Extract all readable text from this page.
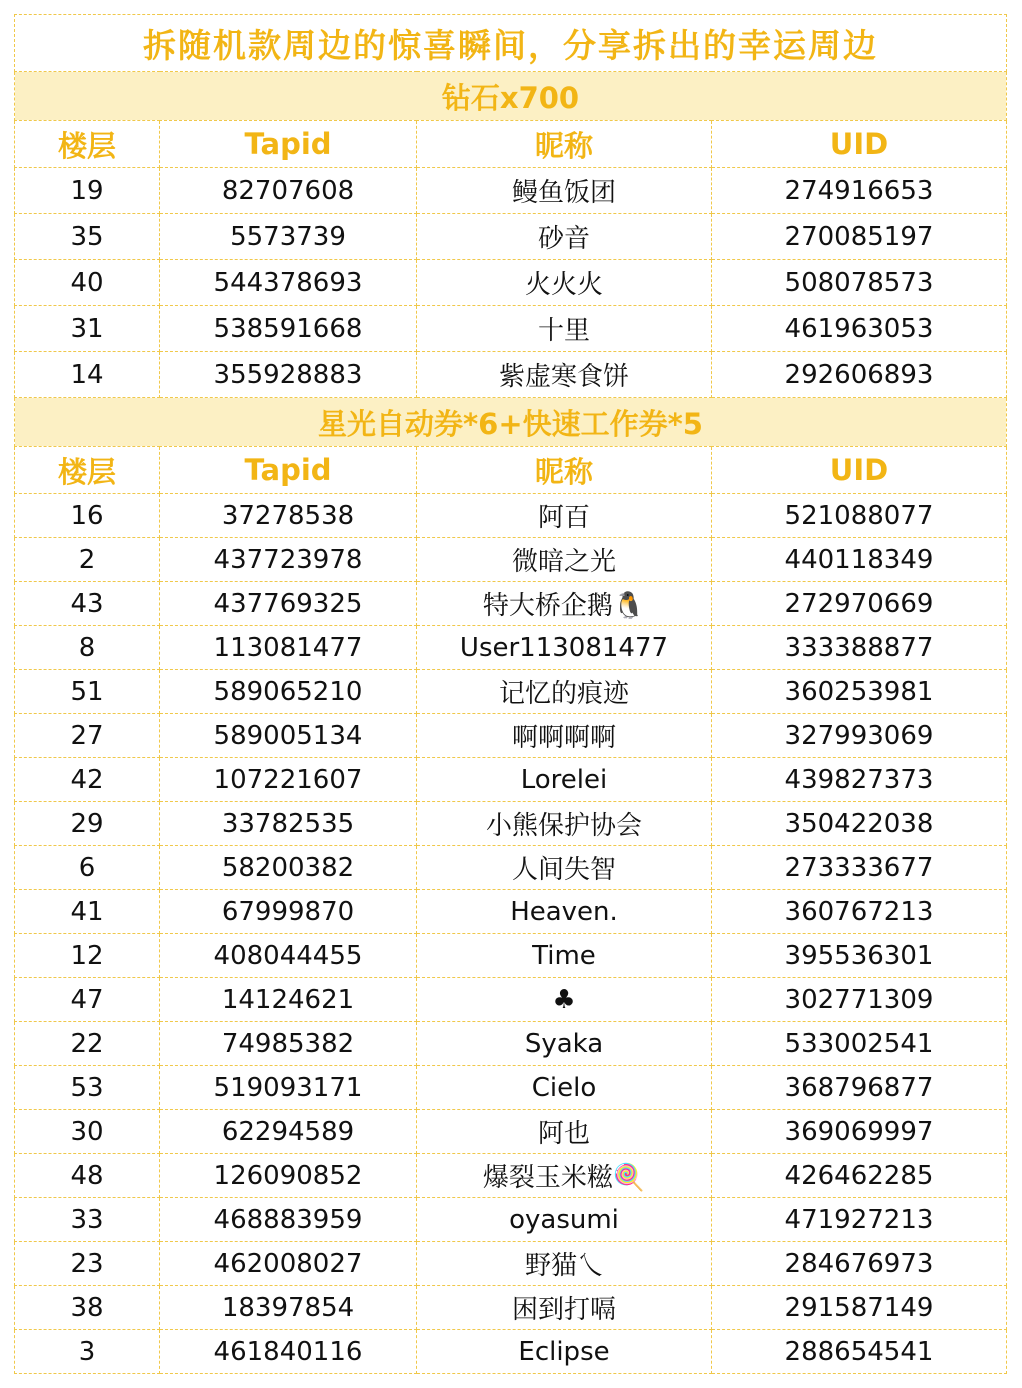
拆随机款周边的惊喜瞬间，分享拆出的幸运周边			
钻石x700			
楼层	Tapid	昵称	UID
19	82707608	鳗鱼饭团	274916653
35	5573739	砂音	270085197
40	544378693	火火火	508078573
31	538591668	十里	461963053
14	355928883	紫虚寒食饼	292606893
星光自动券*6+快速工作券*5			
楼层	Tapid	昵称	UID
16	37278538	阿百	521088077
2	437723978	微暗之光	440118349
43	437769325	特大桥企鹅🐧	272970669
8	113081477	User113081477	333388877
51	589065210	记忆的痕迹	360253981
27	589005134	啊啊啊啊	327993069
42	107221607	Lorelei	439827373
29	33782535	小熊保护协会	350422038
6	58200382	人间失智	273333677
41	67999870	Heaven.	360767213
12	408044455	Time	395536301
47	14124621	♣	302771309
22	74985382	Syaka	533002541
53	519093171	Cielo	368796877
30	62294589	阿也	369069997
48	126090852	爆裂玉米糍🍭	426462285
33	468883959	oyasumi	471927213
23	462008027	野猫乀	284676973
38	18397854	困到打嗝	291587149
3	461840116	Eclipse	288654541
